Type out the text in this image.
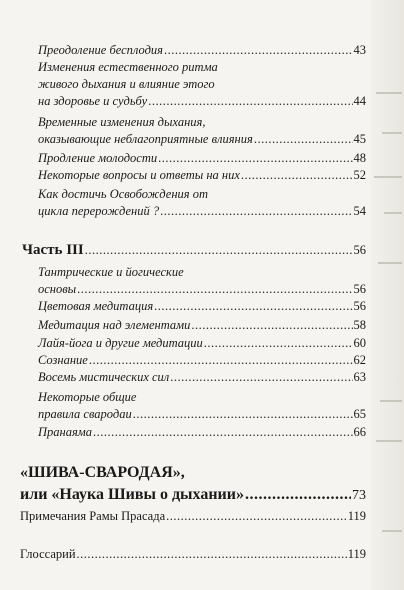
Преодоление бесплодия .....	43
Изменения естественного ритма
живого дыхания и влияние этого
на здоровье и судьбу .....	44
Временные изменения дыхания,
оказывающие неблагоприятные влияния .....	45
Продление молодости .....	48
Некоторые вопросы и ответы на них .....	52
Как достичь Освобождения от
цикла перерождений ? .....	54
Часть III .....	56
Тантрические и йогические
основы .....	56
Цветовая медитация .....	56
Медитация над элементами .....	58
Лайя-йога и другие медитации .....	60
Сознание .....	62
Восемь мистических сил .....	63
Некоторые общие
правила свародаи .....	65
Пранаяма .....	66
«ШИВА-СВАРОДАЯ»,
или «Наука Шивы о дыхании» .....	73
Примечания Рамы Прасада .....	119
Глоссарий .....	119
